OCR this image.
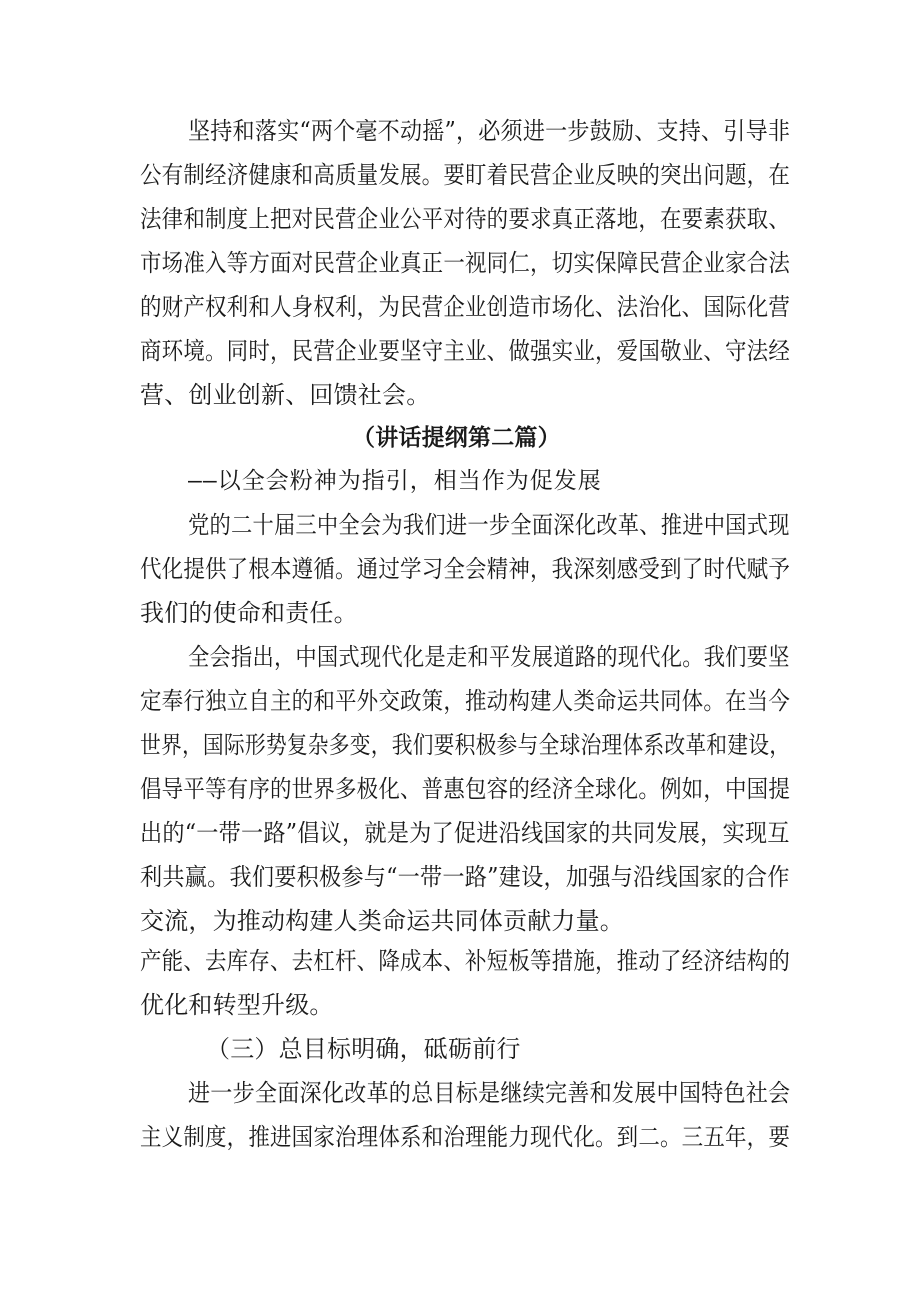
坚持和落实“两个毫不动摇”，必须进一步鼓励、支持、引导非
公有制经济健康和高质量发展。要盯着民营企业反映的突出问题，在
法律和制度上把对民营企业公平对待的要求真正落地，在要素获取、
市场准入等方面对民营企业真正一视同仁，切实保障民营企业家合法
的财产权利和人身权利，为民营企业创造市场化、法治化、国际化营
商环境。同时，民营企业要坚守主业、做强实业，爱国敬业、守法经
营、创业创新、回馈社会。
（讲话提纲第二篇）
——以全会粉神为指引，相当作为促发展
党的二十届三中全会为我们进一步全面深化改革、推进中国式现
代化提供了根本遵循。通过学习全会精神，我深刻感受到了时代赋予
我们的使命和责任。
全会指出，中国式现代化是走和平发展道路的现代化。我们要坚
定奉行独立自主的和平外交政策，推动构建人类命运共同体。在当今
世界，国际形势复杂多变，我们要积极参与全球治理体系改革和建设，
倡导平等有序的世界多极化、普惠包容的经济全球化。例如，中国提
出的“一带一路”倡议，就是为了促进沿线国家的共同发展，实现互
利共赢。我们要积极参与“一带一路”建设，加强与沿线国家的合作
交流，为推动构建人类命运共同体贡献力量。
产能、去库存、去杠杆、降成本、补短板等措施，推动了经济结构的
优化和转型升级。
（三）总目标明确，砥砺前行
进一步全面深化改革的总目标是继续完善和发展中国特色社会
主义制度，推进国家治理体系和治理能力现代化。到二。三五年，要
